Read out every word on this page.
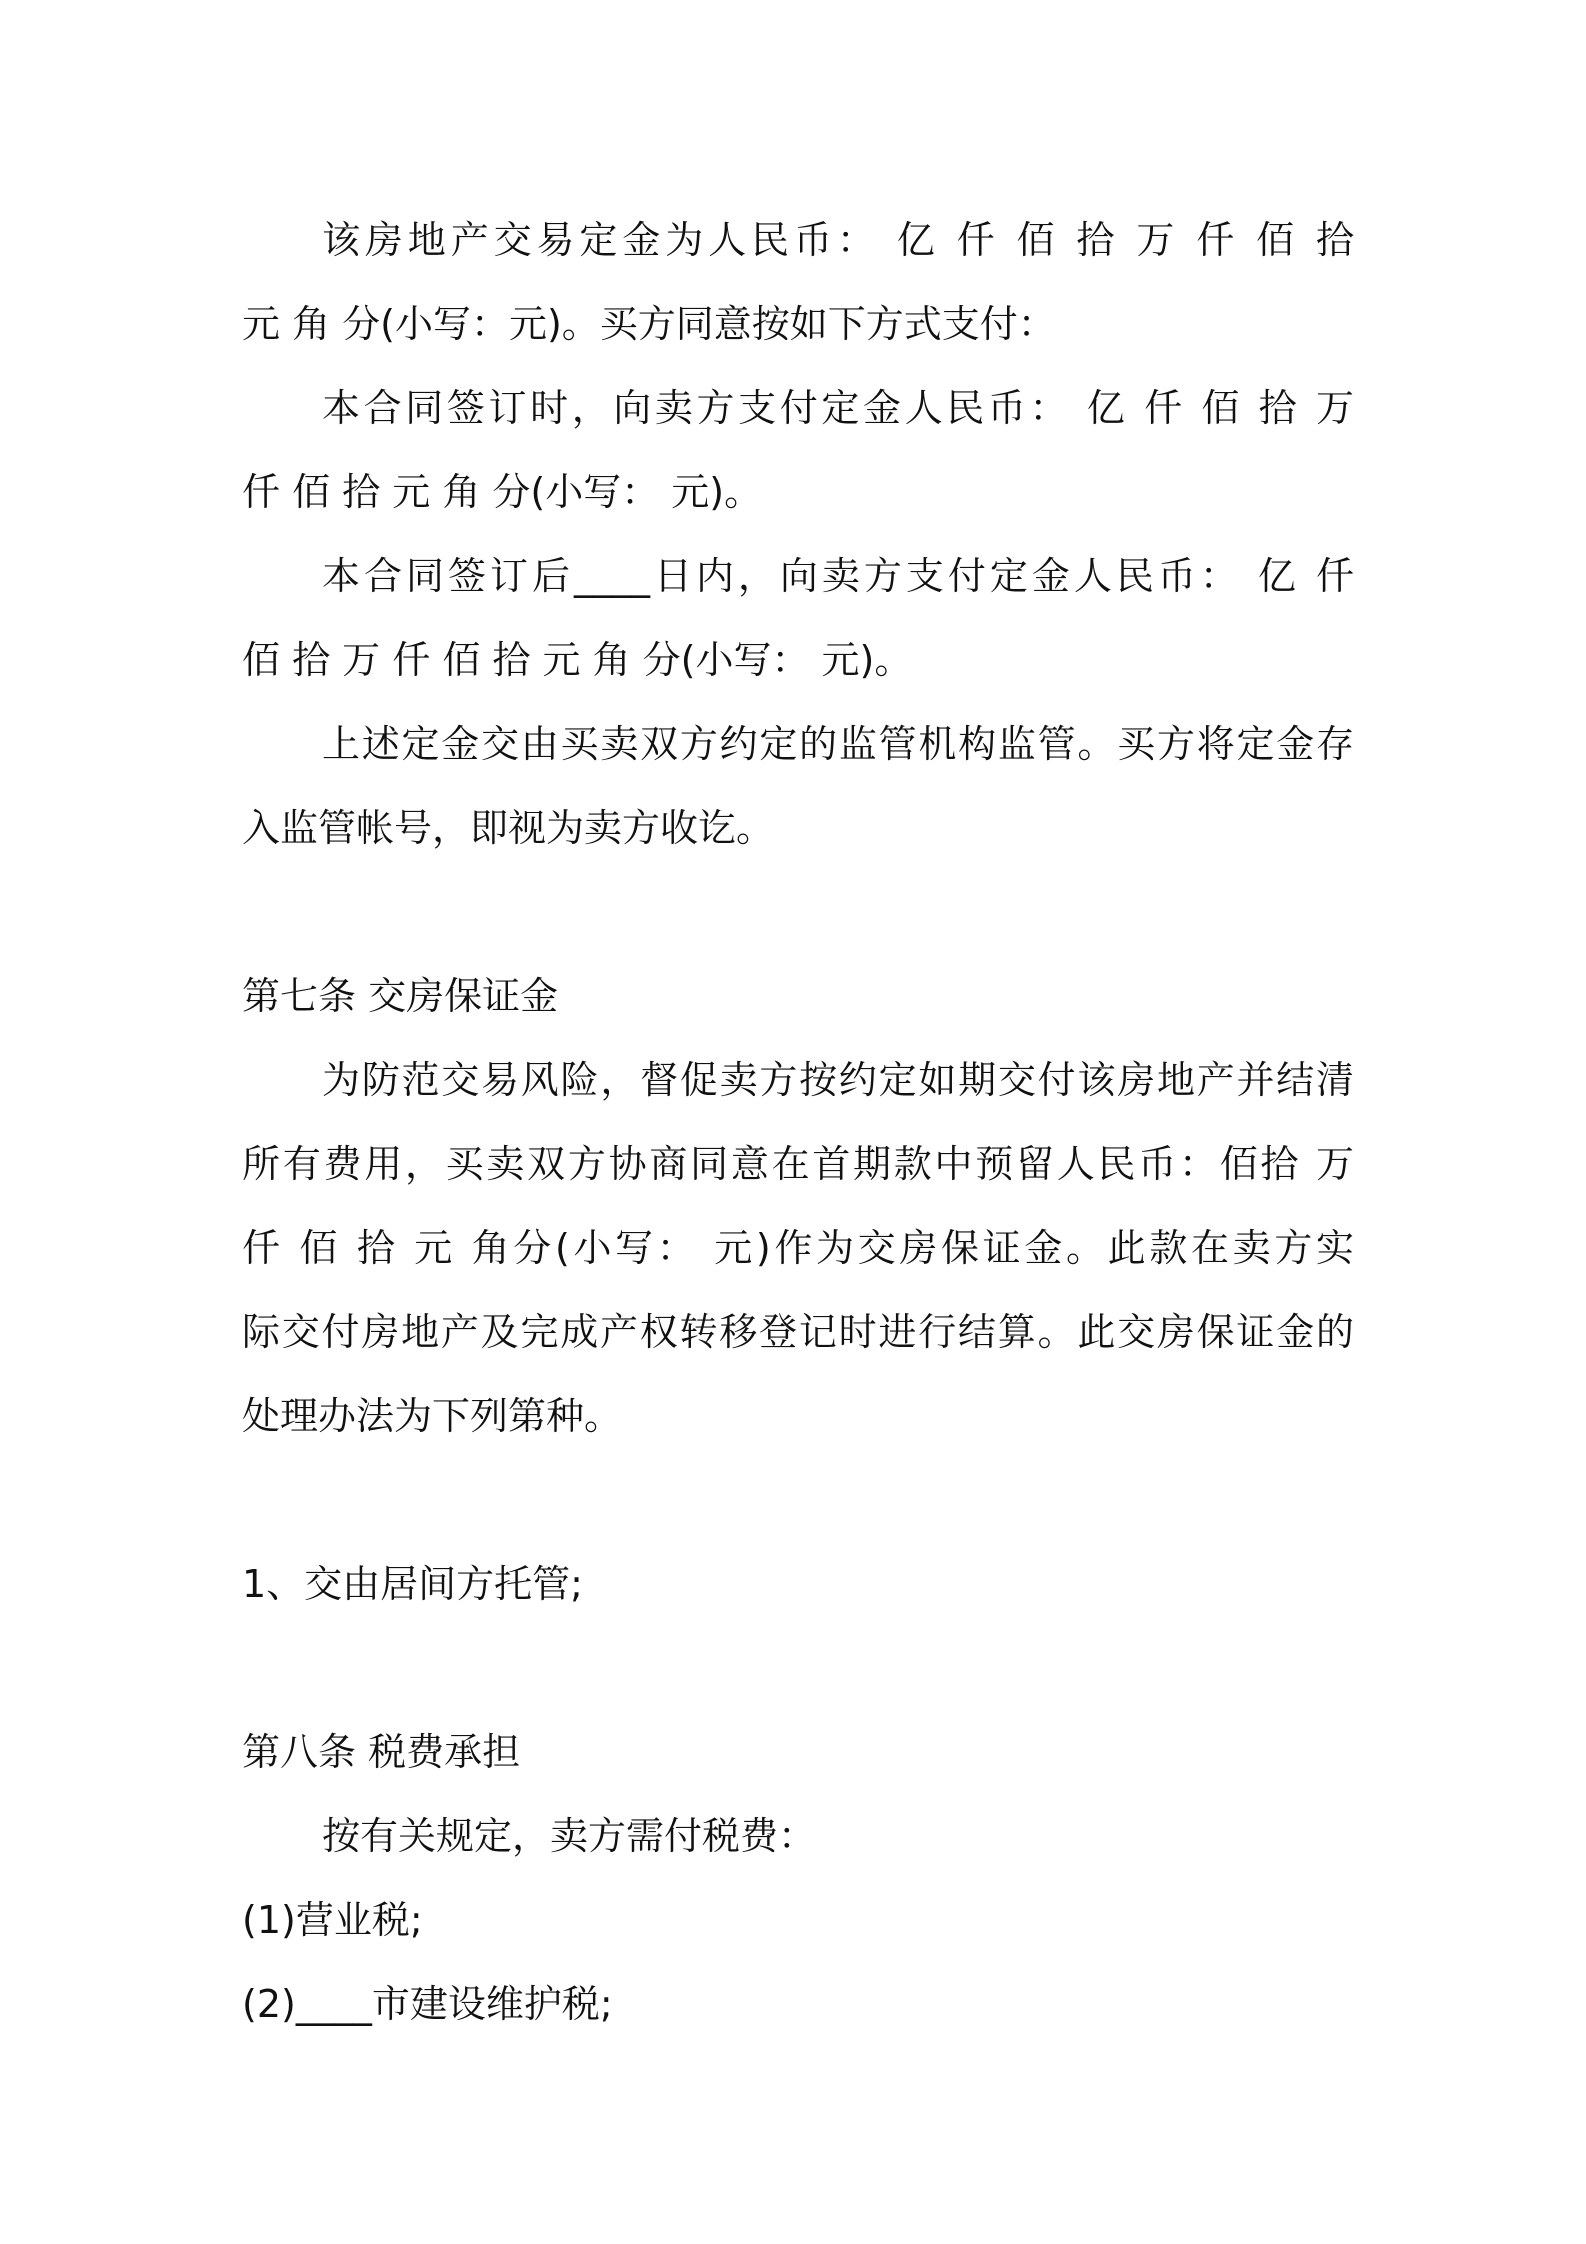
该房地产交易定金为人民币： 亿 仟 佰 拾 万 仟 佰 拾
元 角 分(小写：元)。买方同意按如下方式支付：
本合同签订时，向卖方支付定金人民币： 亿 仟 佰 拾 万
仟 佰 拾 元 角 分(小写： 元)。
本合同签订后____日内，向卖方支付定金人民币： 亿 仟
佰 拾 万 仟 佰 拾 元 角 分(小写： 元)。
上述定金交由买卖双方约定的监管机构监管。买方将定金存
入监管帐号，即视为卖方收讫。
第七条 交房保证金
为防范交易风险，督促卖方按约定如期交付该房地产并结清
所有费用，买卖双方协商同意在首期款中预留人民币：佰拾 万
仟 佰 拾 元 角分(小写： 元)作为交房保证金。此款在卖方实
际交付房地产及完成产权转移登记时进行结算。此交房保证金的
处理办法为下列第种。
1、交由居间方托管;
第八条 税费承担
按有关规定，卖方需付税费：
(1)营业税;
(2)____市建设维护税;
